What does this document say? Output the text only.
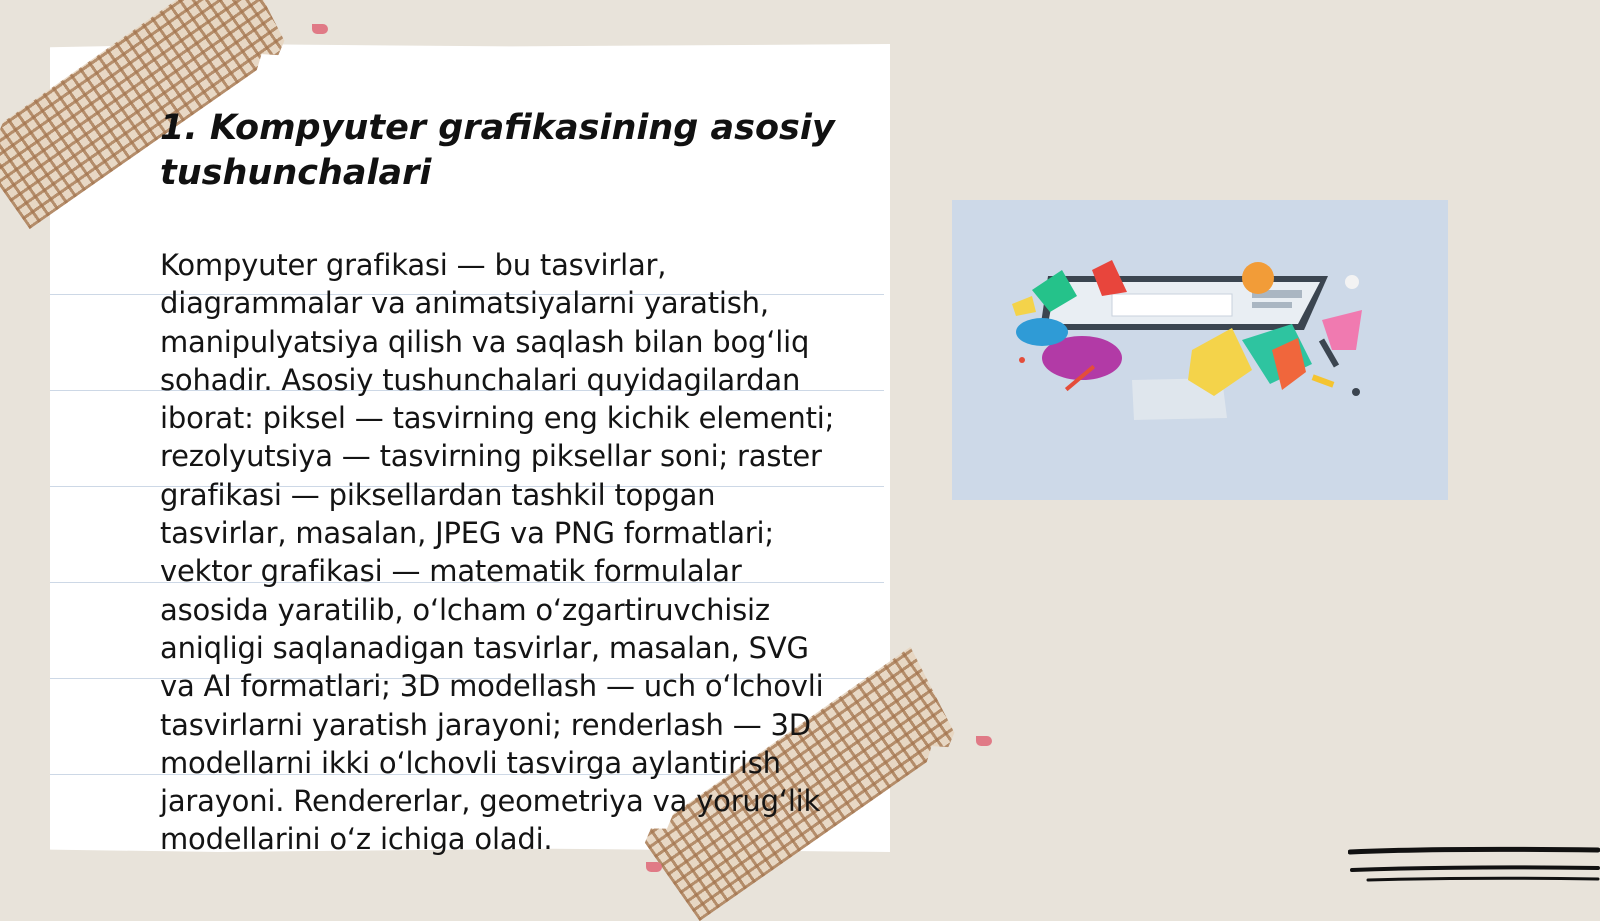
1. Kompyuter grafikasining asosiy tushunchalari

Kompyuter grafikasi — bu tasvirlar, diagrammalar va animatsiyalarni yaratish, manipulyatsiya qilish va saqlash bilan bog‘liq sohadir. Asosiy tushunchalari quyidagilardan iborat: piksel — tasvirning eng kichik elementi; rezolyutsiya — tasvirning piksellar soni; raster grafikasi — piksellardan tashkil topgan tasvirlar, masalan, JPEG va PNG formatlari; vektor grafikasi — matematik formulalar asosida yaratilib, o‘lcham o‘zgartiruvchisiz aniqligi saqlanadigan tasvirlar, masalan, SVG va AI formatlari; 3D modellash — uch o‘lchovli tasvirlarni yaratish jarayoni; renderlash — 3D modellarni ikki o‘lchovli tasvirga aylantirish jarayoni. Rendererlar, geometriya va yorug‘lik modellarini o‘z ichiga oladi.
